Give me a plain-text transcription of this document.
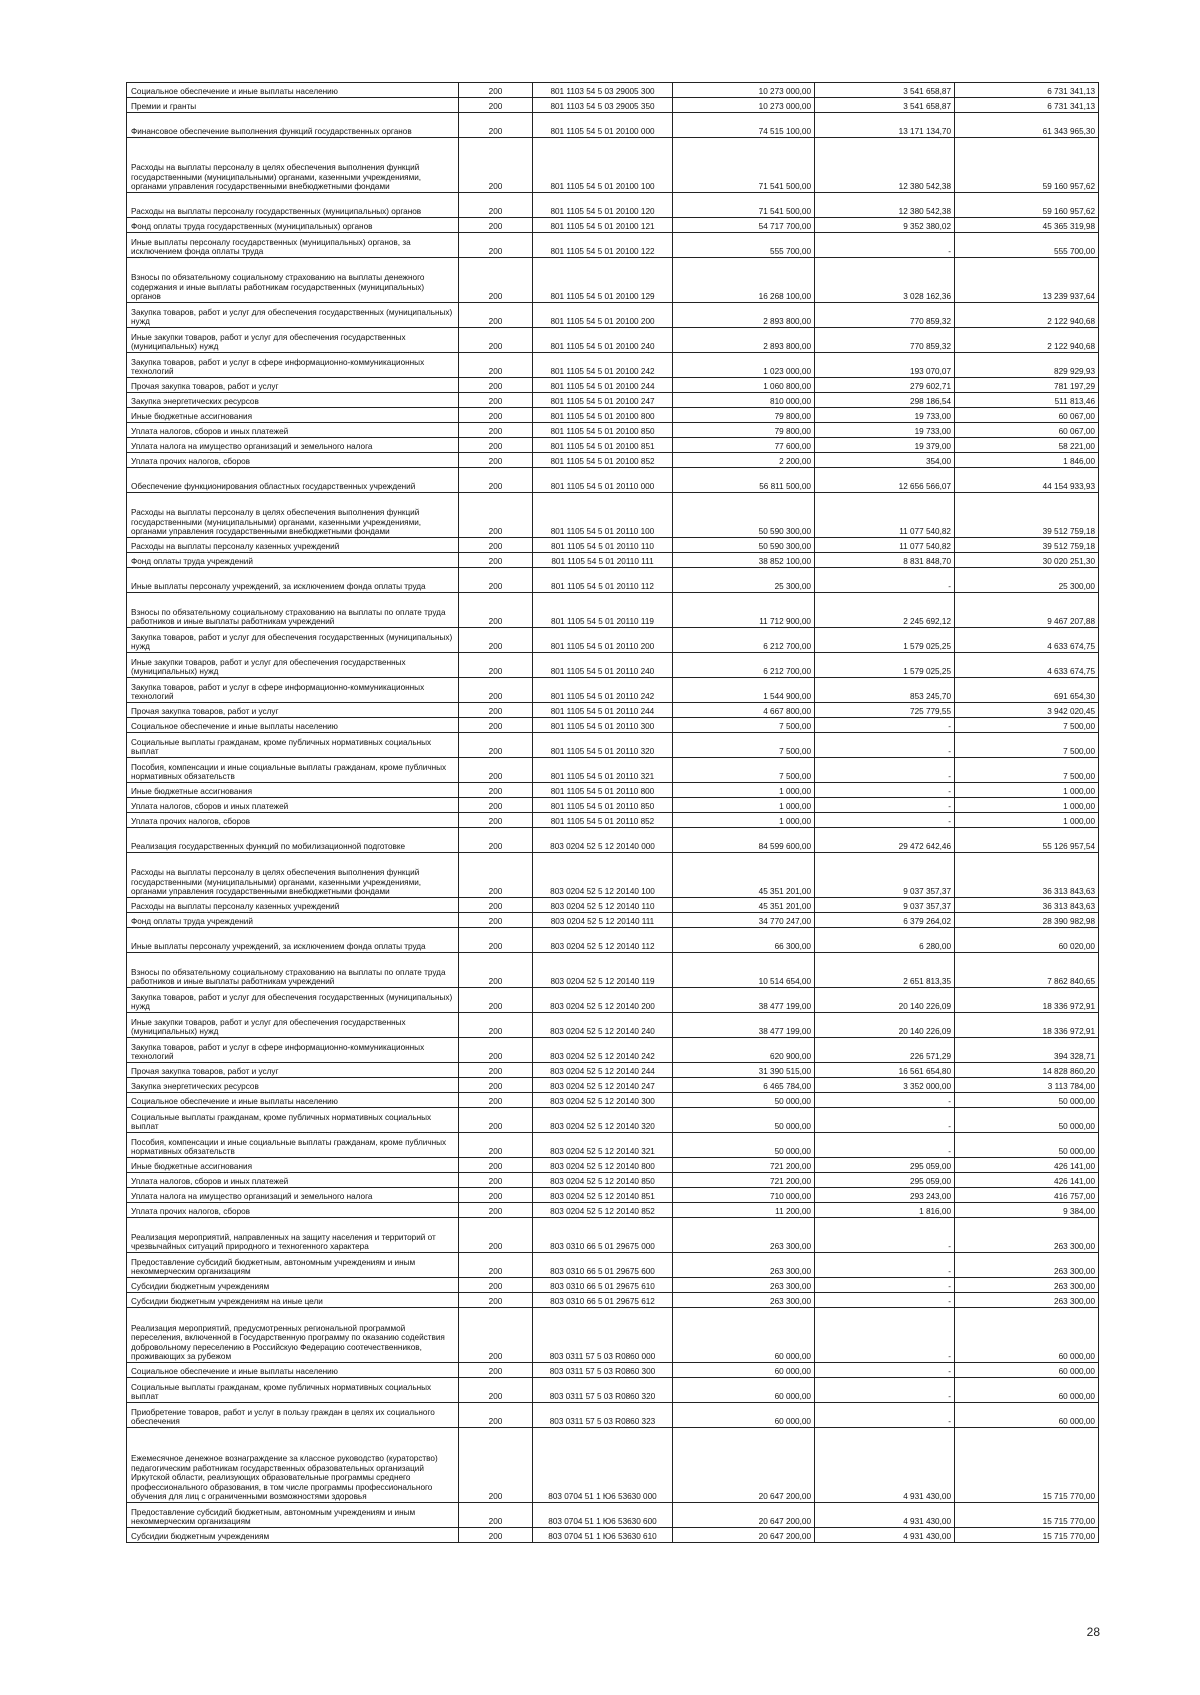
Социальное обеспечение и иные выплаты населению	200	801 1103 54 5 03 29005 300	10 273 000,00	3 541 658,87	6 731 341,13
Премии и гранты	200	801 1103 54 5 03 29005 350	10 273 000,00	3 541 658,87	6 731 341,13
Финансовое обеспечение выполнения функций государственных органов	200	801 1105 54 5 01 20100 000	74 515 100,00	13 171 134,70	61 343 965,30
Расходы на выплаты персоналу в целях обеспечения выполнения функций государственными (муниципальными) органами, казенными учреждениями, органами управления государственными внебюджетными фондами	200	801 1105 54 5 01 20100 100	71 541 500,00	12 380 542,38	59 160 957,62
Расходы на выплаты персоналу государственных (муниципальных) органов	200	801 1105 54 5 01 20100 120	71 541 500,00	12 380 542,38	59 160 957,62
Фонд оплаты труда государственных (муниципальных) органов	200	801 1105 54 5 01 20100 121	54 717 700,00	9 352 380,02	45 365 319,98
Иные выплаты персоналу государственных (муниципальных) органов, за исключением фонда оплаты труда	200	801 1105 54 5 01 20100 122	555 700,00	-	555 700,00
Взносы по обязательному социальному страхованию на выплаты денежного содержания и иные выплаты работникам государственных (муниципальных) органов	200	801 1105 54 5 01 20100 129	16 268 100,00	3 028 162,36	13 239 937,64
Закупка товаров, работ и услуг для обеспечения государственных (муниципальных) нужд	200	801 1105 54 5 01 20100 200	2 893 800,00	770 859,32	2 122 940,68
Иные закупки товаров, работ и услуг для обеспечения государственных (муниципальных) нужд	200	801 1105 54 5 01 20100 240	2 893 800,00	770 859,32	2 122 940,68
Закупка товаров, работ и услуг в сфере информационно-коммуникационных технологий	200	801 1105 54 5 01 20100 242	1 023 000,00	193 070,07	829 929,93
Прочая закупка товаров, работ и услуг	200	801 1105 54 5 01 20100 244	1 060 800,00	279 602,71	781 197,29
Закупка энергетических ресурсов	200	801 1105 54 5 01 20100 247	810 000,00	298 186,54	511 813,46
Иные бюджетные ассигнования	200	801 1105 54 5 01 20100 800	79 800,00	19 733,00	60 067,00
Уплата налогов, сборов и иных платежей	200	801 1105 54 5 01 20100 850	79 800,00	19 733,00	60 067,00
Уплата налога на имущество организаций и земельного налога	200	801 1105 54 5 01 20100 851	77 600,00	19 379,00	58 221,00
Уплата прочих налогов, сборов	200	801 1105 54 5 01 20100 852	2 200,00	354,00	1 846,00
Обеспечение функционирования областных государственных учреждений	200	801 1105 54 5 01 20110 000	56 811 500,00	12 656 566,07	44 154 933,93
Расходы на выплаты персоналу в целях обеспечения выполнения функций государственными (муниципальными) органами, казенными учреждениями, органами управления государственными внебюджетными фондами	200	801 1105 54 5 01 20110 100	50 590 300,00	11 077 540,82	39 512 759,18
Расходы на выплаты персоналу казенных учреждений	200	801 1105 54 5 01 20110 110	50 590 300,00	11 077 540,82	39 512 759,18
Фонд оплаты труда учреждений	200	801 1105 54 5 01 20110 111	38 852 100,00	8 831 848,70	30 020 251,30
Иные выплаты персоналу учреждений, за исключением фонда оплаты труда	200	801 1105 54 5 01 20110 112	25 300,00	-	25 300,00
Взносы по обязательному социальному страхованию на выплаты по оплате труда работников и иные выплаты работникам учреждений	200	801 1105 54 5 01 20110 119	11 712 900,00	2 245 692,12	9 467 207,88
Закупка товаров, работ и услуг для обеспечения государственных (муниципальных) нужд	200	801 1105 54 5 01 20110 200	6 212 700,00	1 579 025,25	4 633 674,75
Иные закупки товаров, работ и услуг для обеспечения государственных (муниципальных) нужд	200	801 1105 54 5 01 20110 240	6 212 700,00	1 579 025,25	4 633 674,75
Закупка товаров, работ и услуг в сфере информационно-коммуникационных технологий	200	801 1105 54 5 01 20110 242	1 544 900,00	853 245,70	691 654,30
Прочая закупка товаров, работ и услуг	200	801 1105 54 5 01 20110 244	4 667 800,00	725 779,55	3 942 020,45
Социальное обеспечение и иные выплаты населению	200	801 1105 54 5 01 20110 300	7 500,00	-	7 500,00
Социальные выплаты гражданам, кроме публичных нормативных социальных выплат	200	801 1105 54 5 01 20110 320	7 500,00	-	7 500,00
Пособия, компенсации и иные социальные выплаты гражданам, кроме публичных нормативных обязательств	200	801 1105 54 5 01 20110 321	7 500,00	-	7 500,00
Иные бюджетные ассигнования	200	801 1105 54 5 01 20110 800	1 000,00	-	1 000,00
Уплата налогов, сборов и иных платежей	200	801 1105 54 5 01 20110 850	1 000,00	-	1 000,00
Уплата прочих налогов, сборов	200	801 1105 54 5 01 20110 852	1 000,00	-	1 000,00
Реализация государственных функций по мобилизационной подготовке	200	803 0204 52 5 12 20140 000	84 599 600,00	29 472 642,46	55 126 957,54
Расходы на выплаты персоналу в целях обеспечения выполнения функций государственными (муниципальными) органами, казенными учреждениями, органами управления государственными внебюджетными фондами	200	803 0204 52 5 12 20140 100	45 351 201,00	9 037 357,37	36 313 843,63
Расходы на выплаты персоналу казенных учреждений	200	803 0204 52 5 12 20140 110	45 351 201,00	9 037 357,37	36 313 843,63
Фонд оплаты труда учреждений	200	803 0204 52 5 12 20140 111	34 770 247,00	6 379 264,02	28 390 982,98
Иные выплаты персоналу учреждений, за исключением фонда оплаты труда	200	803 0204 52 5 12 20140 112	66 300,00	6 280,00	60 020,00
Взносы по обязательному социальному страхованию на выплаты по оплате труда работников и иные выплаты работникам учреждений	200	803 0204 52 5 12 20140 119	10 514 654,00	2 651 813,35	7 862 840,65
Закупка товаров, работ и услуг для обеспечения государственных (муниципальных) нужд	200	803 0204 52 5 12 20140 200	38 477 199,00	20 140 226,09	18 336 972,91
Иные закупки товаров, работ и услуг для обеспечения государственных (муниципальных) нужд	200	803 0204 52 5 12 20140 240	38 477 199,00	20 140 226,09	18 336 972,91
Закупка товаров, работ и услуг в сфере информационно-коммуникационных технологий	200	803 0204 52 5 12 20140 242	620 900,00	226 571,29	394 328,71
Прочая закупка товаров, работ и услуг	200	803 0204 52 5 12 20140 244	31 390 515,00	16 561 654,80	14 828 860,20
Закупка энергетических ресурсов	200	803 0204 52 5 12 20140 247	6 465 784,00	3 352 000,00	3 113 784,00
Социальное обеспечение и иные выплаты населению	200	803 0204 52 5 12 20140 300	50 000,00	-	50 000,00
Социальные выплаты гражданам, кроме публичных нормативных социальных выплат	200	803 0204 52 5 12 20140 320	50 000,00	-	50 000,00
Пособия, компенсации и иные социальные выплаты гражданам, кроме публичных нормативных обязательств	200	803 0204 52 5 12 20140 321	50 000,00	-	50 000,00
Иные бюджетные ассигнования	200	803 0204 52 5 12 20140 800	721 200,00	295 059,00	426 141,00
Уплата налогов, сборов и иных платежей	200	803 0204 52 5 12 20140 850	721 200,00	295 059,00	426 141,00
Уплата налога на имущество организаций и земельного налога	200	803 0204 52 5 12 20140 851	710 000,00	293 243,00	416 757,00
Уплата прочих налогов, сборов	200	803 0204 52 5 12 20140 852	11 200,00	1 816,00	9 384,00
Реализация мероприятий, направленных на защиту населения и территорий от чрезвычайных ситуаций природного и техногенного характера	200	803 0310 66 5 01 29675 000	263 300,00	-	263 300,00
Предоставление субсидий бюджетным, автономным учреждениям и иным некоммерческим организациям	200	803 0310 66 5 01 29675 600	263 300,00	-	263 300,00
Субсидии бюджетным учреждениям	200	803 0310 66 5 01 29675 610	263 300,00	-	263 300,00
Субсидии бюджетным учреждениям на иные цели	200	803 0310 66 5 01 29675 612	263 300,00	-	263 300,00
Реализация мероприятий, предусмотренных региональной программой переселения, включенной в Государственную программу по оказанию содействия добровольному переселению в Российскую Федерацию соотечественников, проживающих за рубежом	200	803 0311 57 5 03 R0860 000	60 000,00	-	60 000,00
Социальное обеспечение и иные выплаты населению	200	803 0311 57 5 03 R0860 300	60 000,00	-	60 000,00
Социальные выплаты гражданам, кроме публичных нормативных социальных выплат	200	803 0311 57 5 03 R0860 320	60 000,00	-	60 000,00
Приобретение товаров, работ и услуг в пользу граждан в целях их социального обеспечения	200	803 0311 57 5 03 R0860 323	60 000,00	-	60 000,00
Ежемесячное денежное вознаграждение за классное руководство (кураторство) педагогическим работникам государственных образовательных организаций Иркутской области, реализующих образовательные программы среднего профессионального образования, в том числе программы профессионального обучения для лиц с ограниченными возможностями здоровья	200	803 0704 51 1 Ю6 53630 000	20 647 200,00	4 931 430,00	15 715 770,00
Предоставление субсидий бюджетным, автономным учреждениям и иным некоммерческим организациям	200	803 0704 51 1 Ю6 53630 600	20 647 200,00	4 931 430,00	15 715 770,00
Субсидии бюджетным учреждениям	200	803 0704 51 1 Ю6 53630 610	20 647 200,00	4 931 430,00	15 715 770,00
28
